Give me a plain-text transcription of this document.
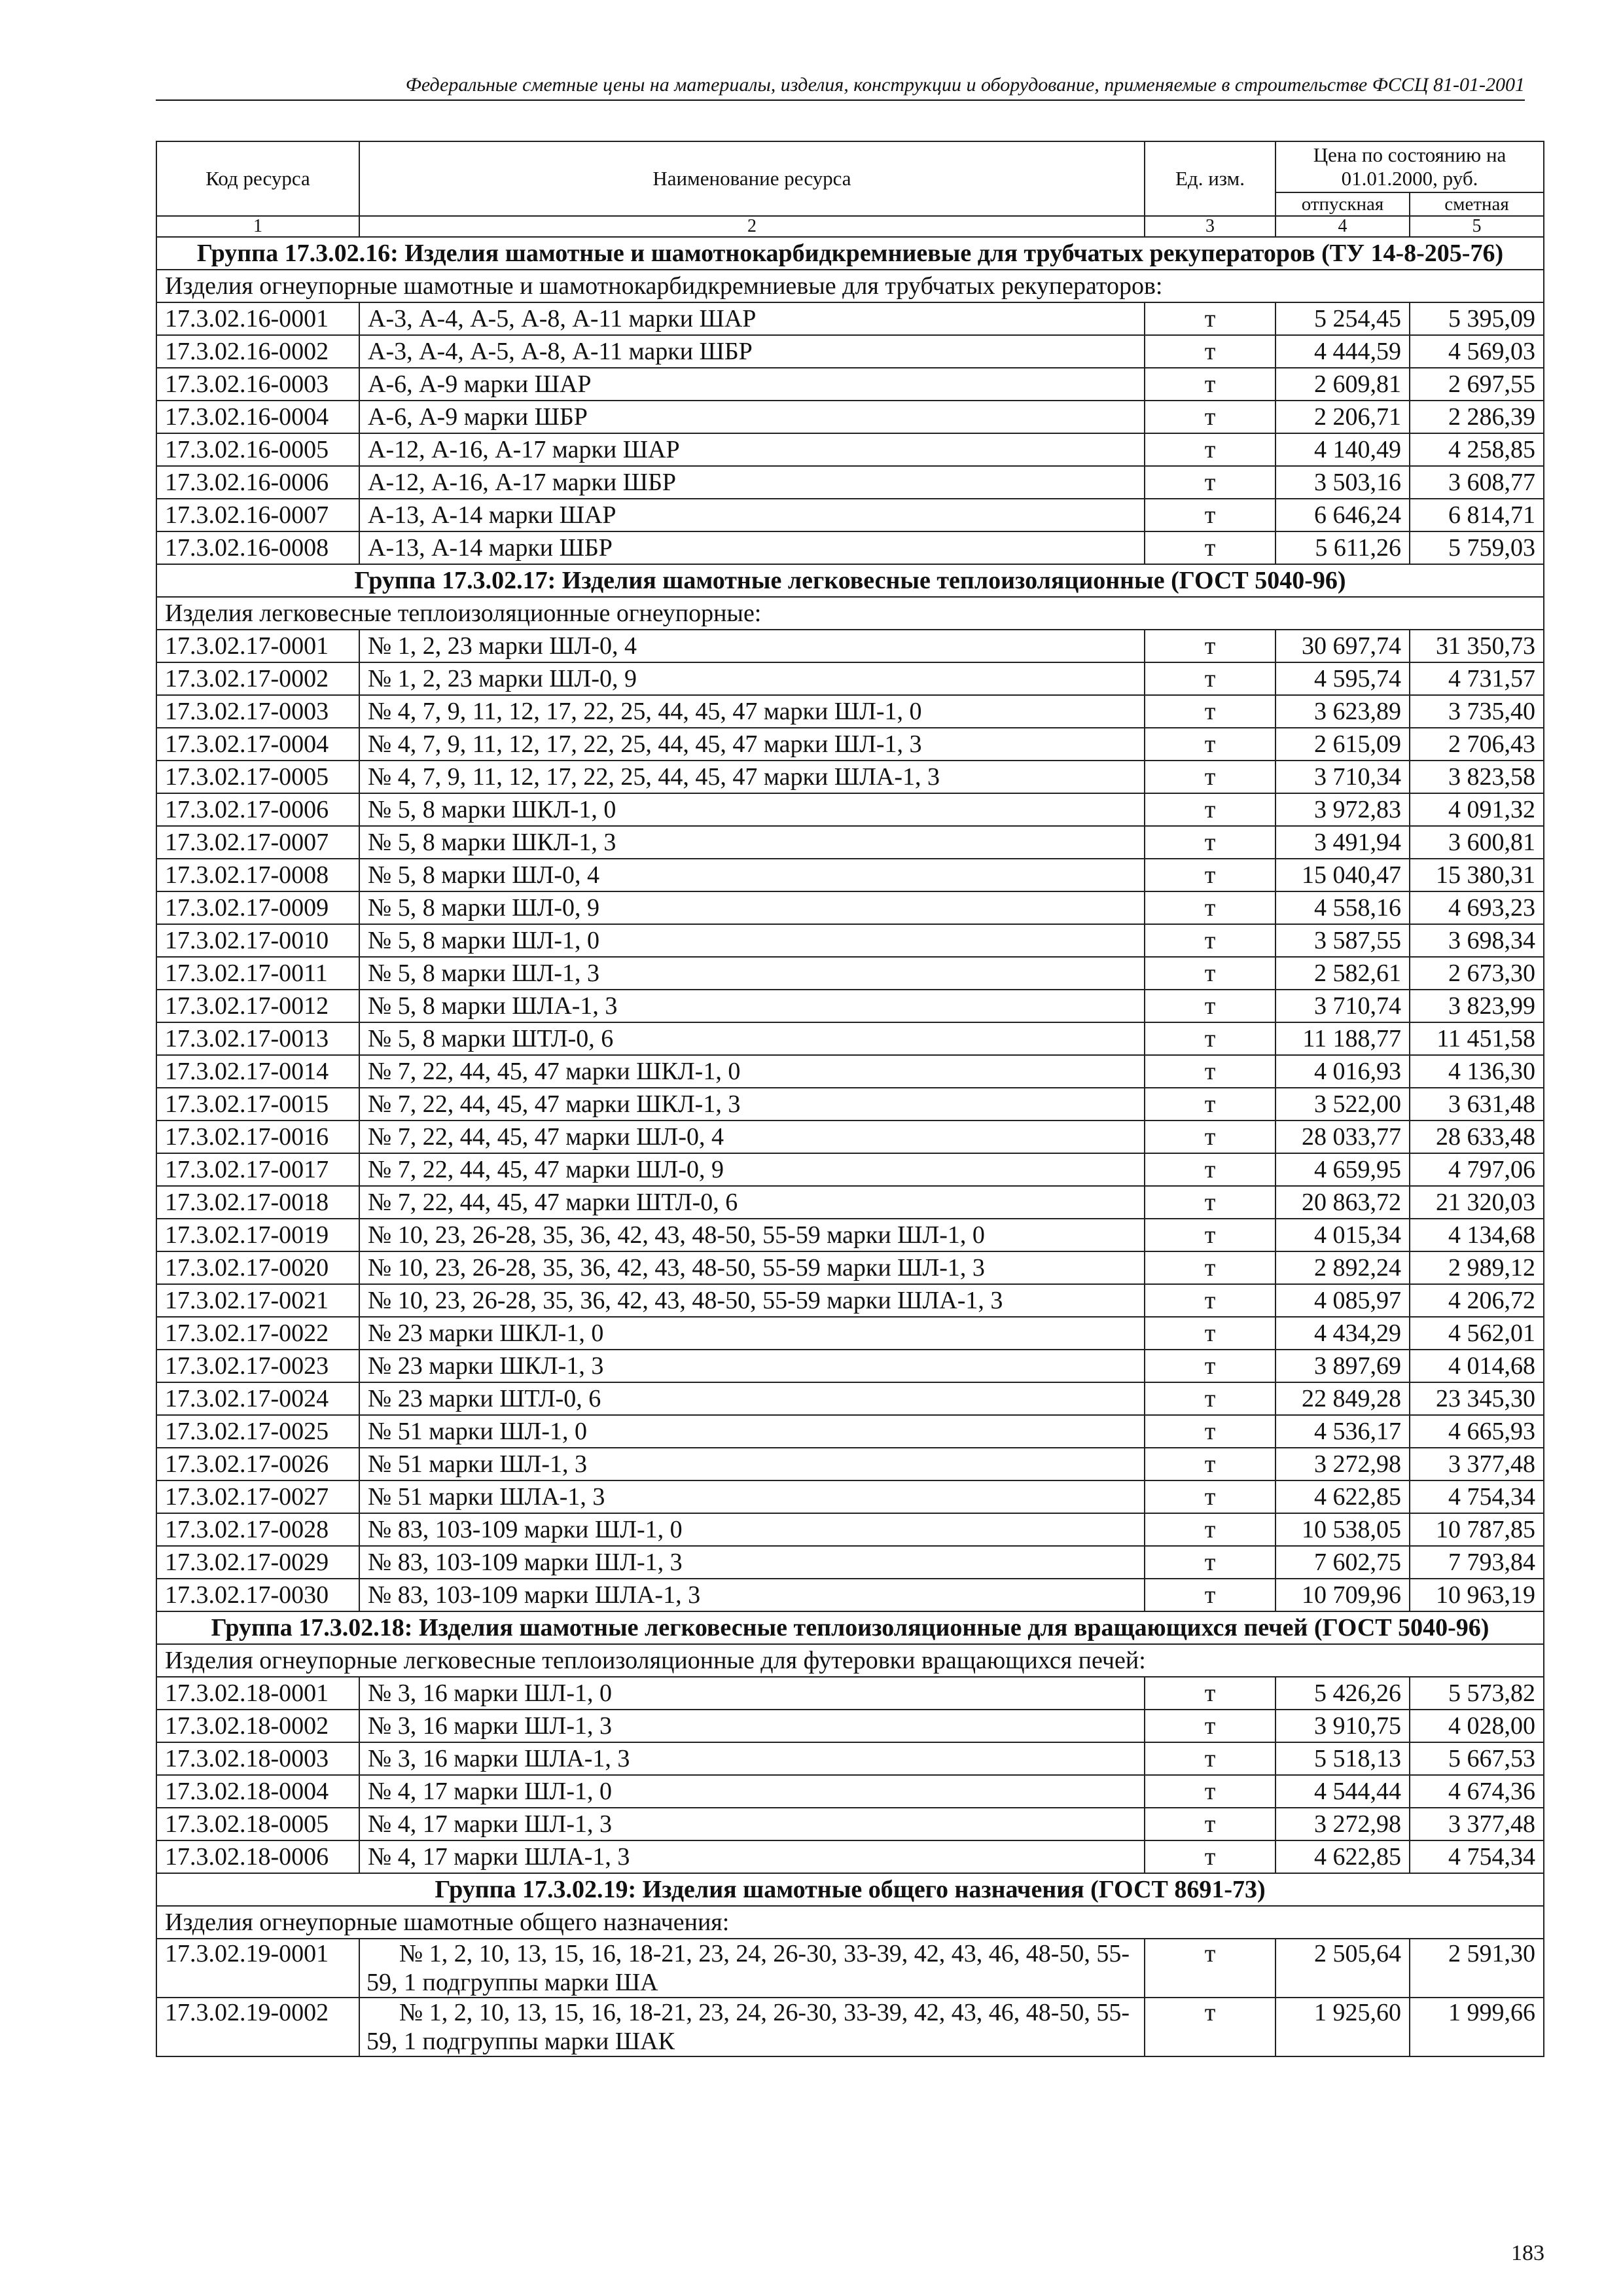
Федеральные сметные цены на материалы, изделия, конструкции и оборудование, применяемые в строительстве ФССЦ 81-01-2001
Код ресурса	Наименование ресурса	Ед. изм.	Цена по состоянию на 01.01.2000, руб.	
			отпускная	сметная
1	2	3	4	5
Группа 17.3.02.16: Изделия шамотные и шамотнокарбидкремниевые для трубчатых рекуператоров (ТУ 14-8-205-76)				
Изделия огнеупорные шамотные и шамотнокарбидкремниевые для трубчатых рекуператоров:				
17.3.02.16-0001	А-3, А-4, А-5, А-8, А-11 марки ШАР	т	5 254,45	5 395,09
17.3.02.16-0002	А-3, А-4, А-5, А-8, А-11 марки ШБР	т	4 444,59	4 569,03
17.3.02.16-0003	А-6, А-9 марки ШАР	т	2 609,81	2 697,55
17.3.02.16-0004	А-6, А-9 марки ШБР	т	2 206,71	2 286,39
17.3.02.16-0005	А-12, А-16, А-17 марки ШАР	т	4 140,49	4 258,85
17.3.02.16-0006	А-12, А-16, А-17 марки ШБР	т	3 503,16	3 608,77
17.3.02.16-0007	А-13, А-14 марки ШАР	т	6 646,24	6 814,71
17.3.02.16-0008	А-13, А-14 марки ШБР	т	5 611,26	5 759,03
Группа 17.3.02.17: Изделия шамотные легковесные теплоизоляционные (ГОСТ 5040-96)				
Изделия легковесные теплоизоляционные огнеупорные:				
17.3.02.17-0001	№ 1, 2, 23 марки ШЛ-0, 4	т	30 697,74	31 350,73
17.3.02.17-0002	№ 1, 2, 23 марки ШЛ-0, 9	т	4 595,74	4 731,57
17.3.02.17-0003	№ 4, 7, 9, 11, 12, 17, 22, 25, 44, 45, 47 марки ШЛ-1, 0	т	3 623,89	3 735,40
17.3.02.17-0004	№ 4, 7, 9, 11, 12, 17, 22, 25, 44, 45, 47 марки ШЛ-1, 3	т	2 615,09	2 706,43
17.3.02.17-0005	№ 4, 7, 9, 11, 12, 17, 22, 25, 44, 45, 47 марки ШЛА-1, 3	т	3 710,34	3 823,58
17.3.02.17-0006	№ 5, 8 марки ШКЛ-1, 0	т	3 972,83	4 091,32
17.3.02.17-0007	№ 5, 8 марки ШКЛ-1, 3	т	3 491,94	3 600,81
17.3.02.17-0008	№ 5, 8 марки ШЛ-0, 4	т	15 040,47	15 380,31
17.3.02.17-0009	№ 5, 8 марки ШЛ-0, 9	т	4 558,16	4 693,23
17.3.02.17-0010	№ 5, 8 марки ШЛ-1, 0	т	3 587,55	3 698,34
17.3.02.17-0011	№ 5, 8 марки ШЛ-1, 3	т	2 582,61	2 673,30
17.3.02.17-0012	№ 5, 8 марки ШЛА-1, 3	т	3 710,74	3 823,99
17.3.02.17-0013	№ 5, 8 марки ШТЛ-0, 6	т	11 188,77	11 451,58
17.3.02.17-0014	№ 7, 22, 44, 45, 47 марки ШКЛ-1, 0	т	4 016,93	4 136,30
17.3.02.17-0015	№ 7, 22, 44, 45, 47 марки ШКЛ-1, 3	т	3 522,00	3 631,48
17.3.02.17-0016	№ 7, 22, 44, 45, 47 марки ШЛ-0, 4	т	28 033,77	28 633,48
17.3.02.17-0017	№ 7, 22, 44, 45, 47 марки ШЛ-0, 9	т	4 659,95	4 797,06
17.3.02.17-0018	№ 7, 22, 44, 45, 47 марки ШТЛ-0, 6	т	20 863,72	21 320,03
17.3.02.17-0019	№ 10, 23, 26-28, 35, 36, 42, 43, 48-50, 55-59 марки ШЛ-1, 0	т	4 015,34	4 134,68
17.3.02.17-0020	№ 10, 23, 26-28, 35, 36, 42, 43, 48-50, 55-59 марки ШЛ-1, 3	т	2 892,24	2 989,12
17.3.02.17-0021	№ 10, 23, 26-28, 35, 36, 42, 43, 48-50, 55-59 марки ШЛА-1, 3	т	4 085,97	4 206,72
17.3.02.17-0022	№ 23 марки ШКЛ-1, 0	т	4 434,29	4 562,01
17.3.02.17-0023	№ 23 марки ШКЛ-1, 3	т	3 897,69	4 014,68
17.3.02.17-0024	№ 23 марки ШТЛ-0, 6	т	22 849,28	23 345,30
17.3.02.17-0025	№ 51 марки ШЛ-1, 0	т	4 536,17	4 665,93
17.3.02.17-0026	№ 51 марки ШЛ-1, 3	т	3 272,98	3 377,48
17.3.02.17-0027	№ 51 марки ШЛА-1, 3	т	4 622,85	4 754,34
17.3.02.17-0028	№ 83, 103-109 марки ШЛ-1, 0	т	10 538,05	10 787,85
17.3.02.17-0029	№ 83, 103-109 марки ШЛ-1, 3	т	7 602,75	7 793,84
17.3.02.17-0030	№ 83, 103-109 марки ШЛА-1, 3	т	10 709,96	10 963,19
Группа 17.3.02.18: Изделия шамотные легковесные теплоизоляционные для вращающихся печей (ГОСТ 5040-96)				
Изделия огнеупорные легковесные теплоизоляционные для футеровки вращающихся печей:				
17.3.02.18-0001	№ 3, 16 марки ШЛ-1, 0	т	5 426,26	5 573,82
17.3.02.18-0002	№ 3, 16 марки ШЛ-1, 3	т	3 910,75	4 028,00
17.3.02.18-0003	№ 3, 16 марки ШЛА-1, 3	т	5 518,13	5 667,53
17.3.02.18-0004	№ 4, 17 марки ШЛ-1, 0	т	4 544,44	4 674,36
17.3.02.18-0005	№ 4, 17 марки ШЛ-1, 3	т	3 272,98	3 377,48
17.3.02.18-0006	№ 4, 17 марки ШЛА-1, 3	т	4 622,85	4 754,34
Группа 17.3.02.19: Изделия шамотные общего назначения (ГОСТ 8691-73)				
Изделия огнеупорные шамотные общего назначения:				
17.3.02.19-0001	№ 1, 2, 10, 13, 15, 16, 18-21, 23, 24, 26-30, 33-39, 42, 43, 46, 48-50, 55-59, 1 подгруппы марки ША	т	2 505,64	2 591,30
17.3.02.19-0002	№ 1, 2, 10, 13, 15, 16, 18-21, 23, 24, 26-30, 33-39, 42, 43, 46, 48-50, 55-59, 1 подгруппы марки ШАК	т	1 925,60	1 999,66
183
